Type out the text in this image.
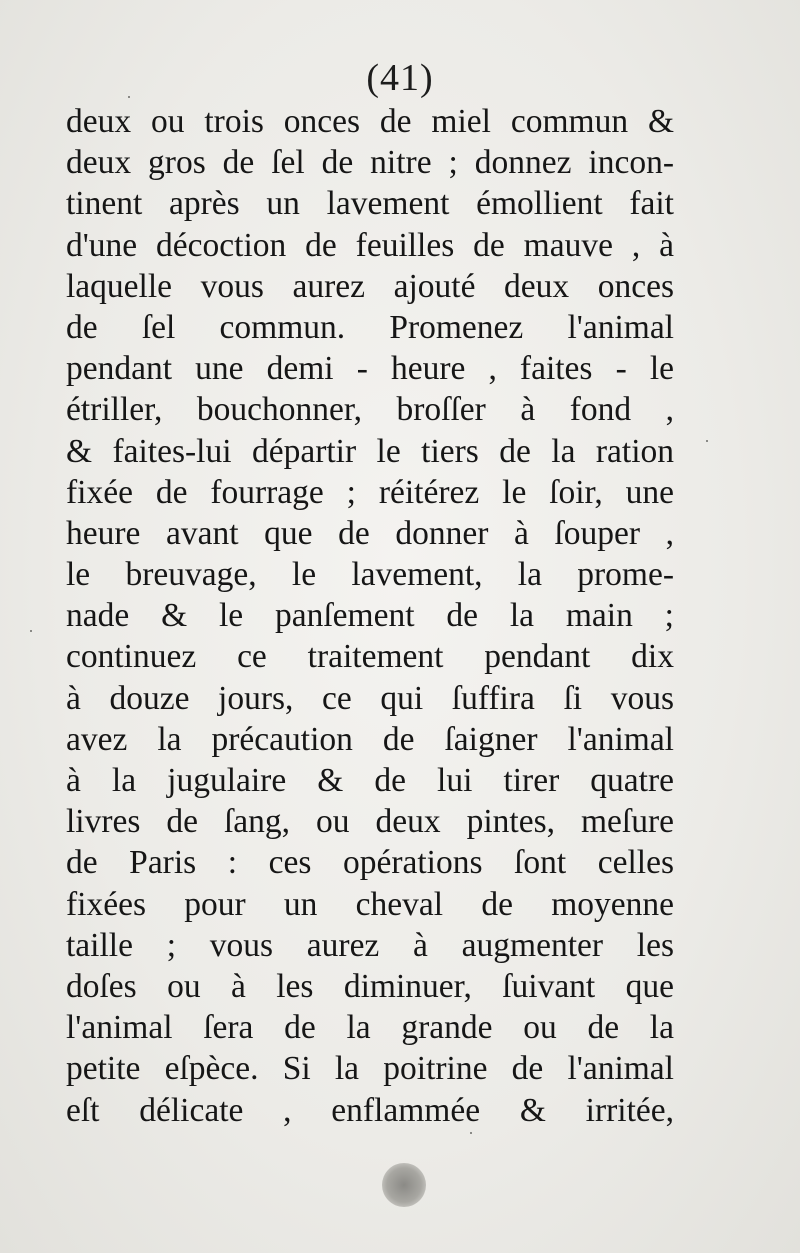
(41)
deux ou trois onces de miel commun &
deux gros de ſel de nitre ; donnez incon-
tinent après un lavement émollient fait
d'une décoction de feuilles de mauve , à
laquelle vous aurez ajouté deux onces
de ſel commun. Promenez l'animal
pendant une demi - heure , faites - le
étriller, bouchonner, broſſer à fond ,
& faites-lui départir le tiers de la ration
fixée de fourrage ; réitérez le ſoir, une
heure avant que de donner à ſouper ,
le breuvage, le lavement, la prome-
nade & le panſement de la main ;
continuez ce traitement pendant dix
à douze jours, ce qui ſuffira ſi vous
avez la précaution de ſaigner l'animal
à la jugulaire & de lui tirer quatre
livres de ſang, ou deux pintes, meſure
de Paris : ces opérations ſont celles
fixées pour un cheval de moyenne
taille ; vous aurez à augmenter les
doſes ou à les diminuer, ſuivant que
l'animal ſera de la grande ou de la
petite eſpèce. Si la poitrine de l'animal
eſt délicate , enflammée & irritée,
